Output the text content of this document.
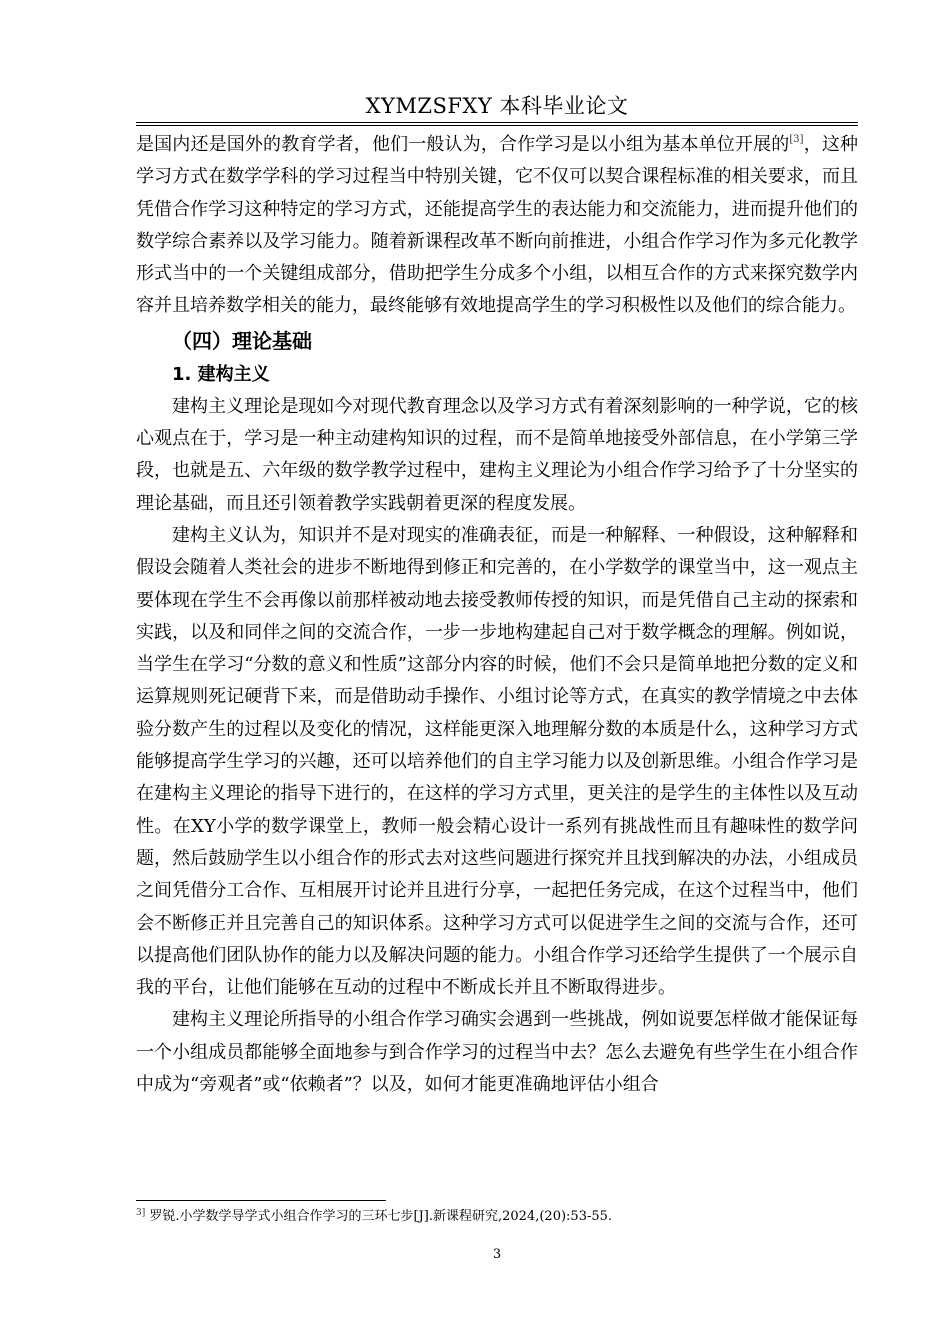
XYMZSFXY 本科毕业论文

是国内还是国外的教育学者，他们一般认为，合作学习是以小组为基本单位开展的[3]，这种学习方式在数学学科的学习过程当中特别关键，它不仅可以契合课程标准的相关要求，而且凭借合作学习这种特定的学习方式，还能提高学生的表达能力和交流能力，进而提升他们的数学综合素养以及学习能力。随着新课程改革不断向前推进，小组合作学习作为多元化教学形式当中的一个关键组成部分，借助把学生分成多个小组，以相互合作的方式来探究数学内容并且培养数学相关的能力，最终能够有效地提高学生的学习积极性以及他们的综合能力。

（四）理论基础
1. 建构主义

建构主义理论是现如今对现代教育理念以及学习方式有着深刻影响的一种学说，它的核心观点在于，学习是一种主动建构知识的过程，而不是简单地接受外部信息，在小学第三学段，也就是五、六年级的数学教学过程中，建构主义理论为小组合作学习给予了十分坚实的理论基础，而且还引领着教学实践朝着更深的程度发展。

建构主义认为，知识并不是对现实的准确表征，而是一种解释、一种假设，这种解释和假设会随着人类社会的进步不断地得到修正和完善的，在小学数学的课堂当中，这一观点主要体现在学生不会再像以前那样被动地去接受教师传授的知识，而是凭借自己主动的探索和实践，以及和同伴之间的交流合作，一步一步地构建起自己对于数学概念的理解。例如说，当学生在学习“分数的意义和性质”这部分内容的时候，他们不会只是简单地把分数的定义和运算规则死记硬背下来，而是借助动手操作、小组讨论等方式，在真实的教学情境之中去体验分数产生的过程以及变化的情况，这样能更深入地理解分数的本质是什么，这种学习方式能够提高学生学习的兴趣，还可以培养他们的自主学习能力以及创新思维。小组合作学习是在建构主义理论的指导下进行的，在这样的学习方式里，更关注的是学生的主体性以及互动性。在XY小学的数学课堂上，教师一般会精心设计一系列有挑战性而且有趣味性的数学问题，然后鼓励学生以小组合作的形式去对这些问题进行探究并且找到解决的办法，小组成员之间凭借分工合作、互相展开讨论并且进行分享，一起把任务完成，在这个过程当中，他们会不断修正并且完善自己的知识体系。这种学习方式可以促进学生之间的交流与合作，还可以提高他们团队协作的能力以及解决问题的能力。小组合作学习还给学生提供了一个展示自我的平台，让他们能够在互动的过程中不断成长并且不断取得进步。

建构主义理论所指导的小组合作学习确实会遇到一些挑战，例如说要怎样做才能保证每一个小组成员都能够全面地参与到合作学习的过程当中去？怎么去避免有些学生在小组合作中成为“旁观者”或“依赖者”？以及，如何才能更准确地评估小组合

$^{3]}$ 罗锐.小学数学导学式小组合作学习的三环七步[J].新课程研究,2024,(20):53-55.
3
